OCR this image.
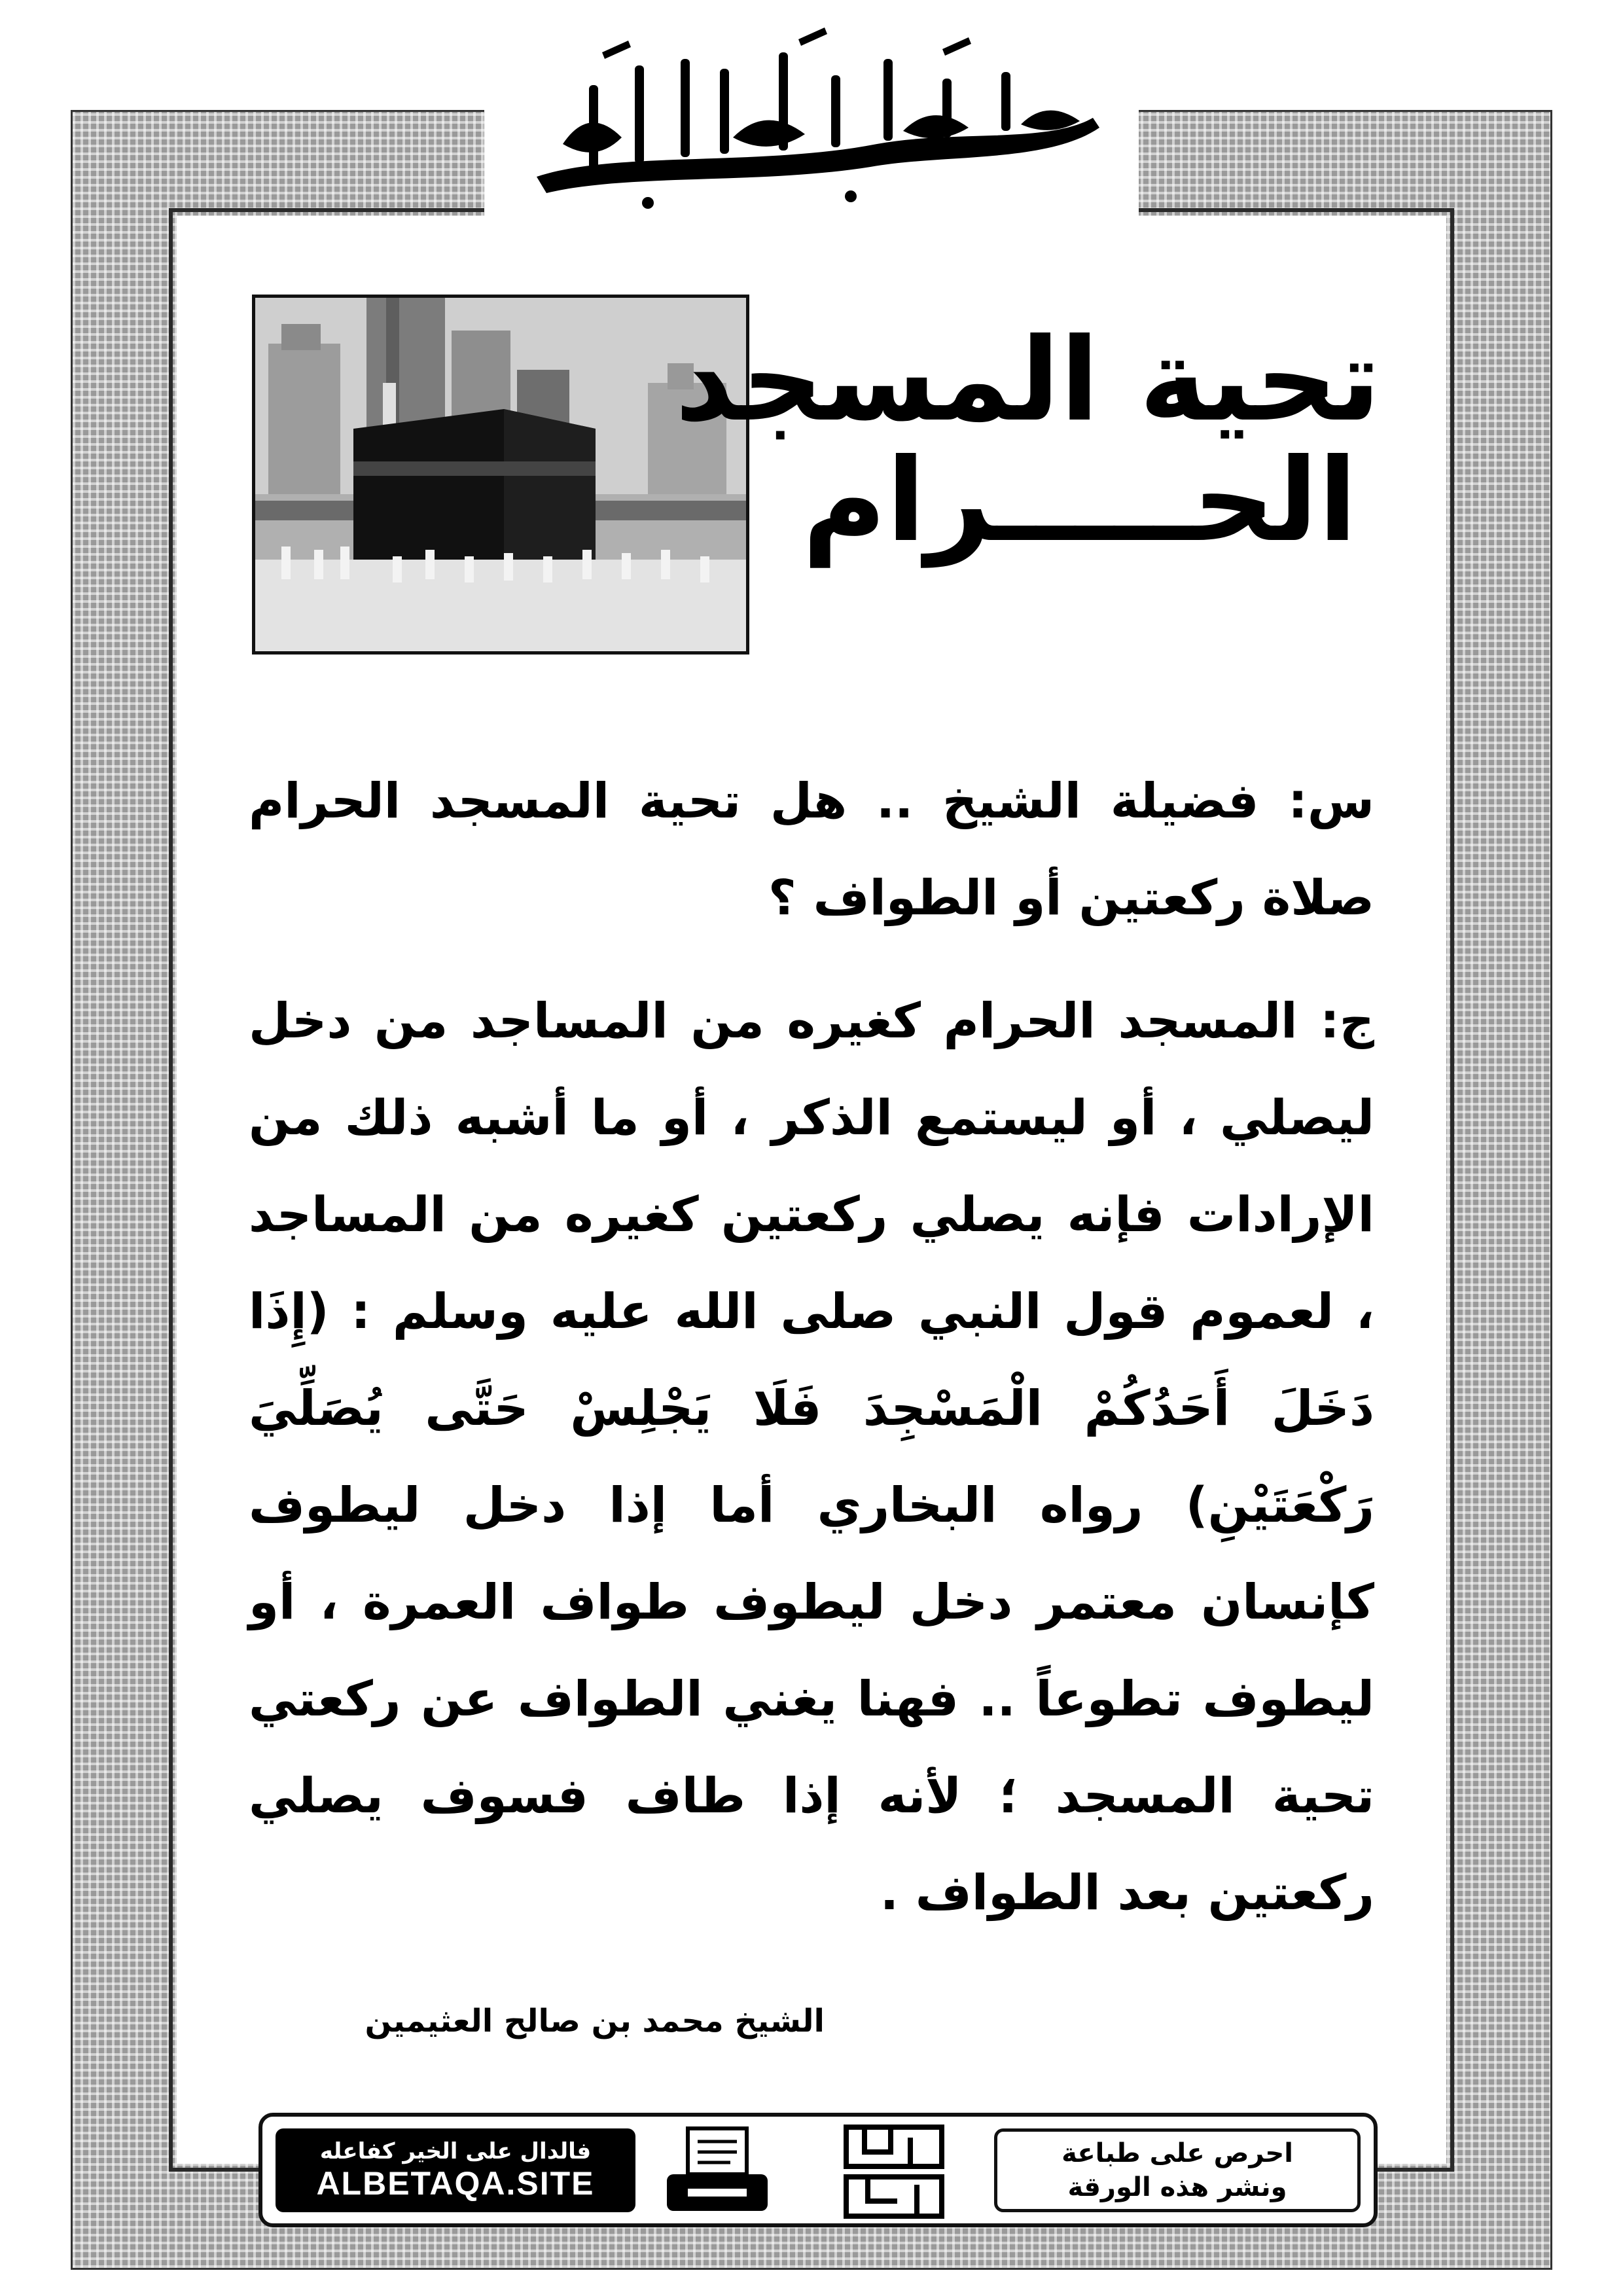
تحية المسجد
الحـــــرام

س: فضيلة الشيخ .. هل تحية المسجد الحرام صلاة ركعتين أو الطواف ؟

ج: المسجد الحرام كغيره من المساجد من دخل ليصلي ، أو ليستمع الذكر ، أو ما أشبه ذلك من الإرادات فإنه يصلي ركعتين كغيره من المساجد ، لعموم قول النبي صلى الله عليه وسلم : (إِذَا دَخَلَ أَحَدُكُمْ الْمَسْجِدَ فَلَا يَجْلِسْ حَتَّى يُصَلِّيَ رَكْعَتَيْنِ) رواه البخاري أما إذا دخل ليطوف كإنسان معتمر دخل ليطوف طواف العمرة ، أو ليطوف تطوعاً .. فهنا يغني الطواف عن ركعتي تحية المسجد ؛ لأنه إذا طاف فسوف يصلي ركعتين بعد الطواف .

الشيخ محمد بن صالح العثيمين
فالدال على الخير كفاعله
ALBETAQA.SITE
احرص على طباعة
ونشر هذه الورقة
